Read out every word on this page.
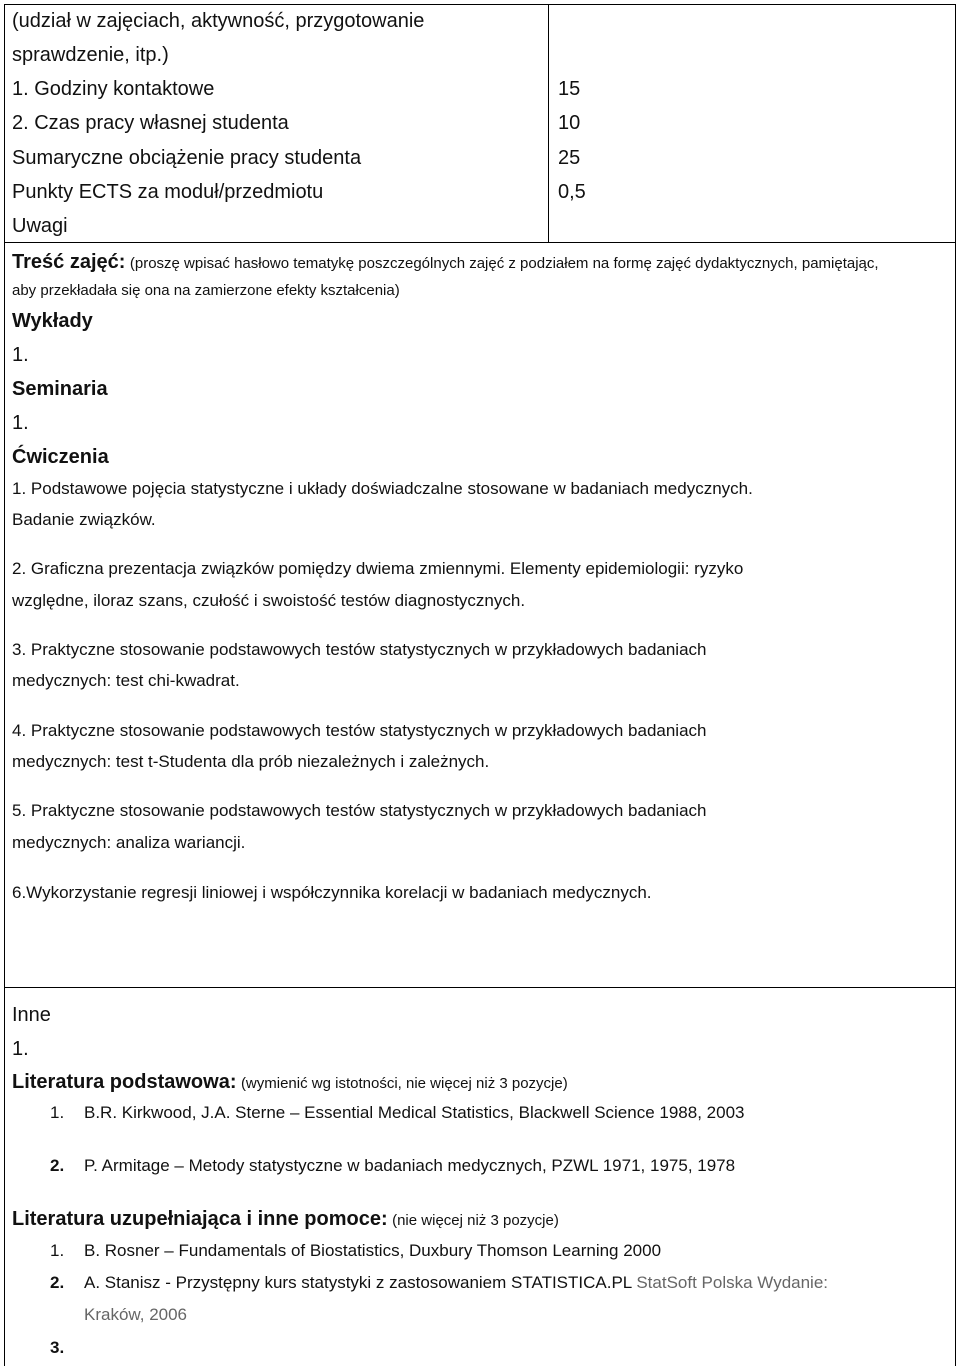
(udział w zajęciach, aktywność, przygotowanie
sprawdzenie, itp.)
1. Godziny kontaktowe	15
2. Czas pracy własnej studenta	10
Sumaryczne obciążenie pracy studenta	25
Punkty ECTS za moduł/przedmiotu	0,5
Uwagi
Treść zajęć: (proszę wpisać hasłowo tematykę poszczególnych zajęć z podziałem na formę zajęć dydaktycznych, pamiętając,
aby przekładała się ona na zamierzone efekty kształcenia)
Wykłady
1.
Seminaria
1.
Ćwiczenia
1. Podstawowe pojęcia statystyczne i układy doświadczalne stosowane w badaniach medycznych.
Badanie związków.
2. Graficzna prezentacja związków pomiędzy dwiema zmiennymi. Elementy epidemiologii: ryzyko
względne, iloraz szans, czułość i swoistość testów diagnostycznych.
3. Praktyczne stosowanie podstawowych testów statystycznych w przykładowych badaniach
medycznych: test chi-kwadrat.
4. Praktyczne stosowanie podstawowych testów statystycznych w przykładowych badaniach
medycznych: test t-Studenta dla prób niezależnych i zależnych.
5. Praktyczne stosowanie podstawowych testów statystycznych w przykładowych badaniach
medycznych: analiza wariancji.
6.Wykorzystanie regresji liniowej i współczynnika korelacji w badaniach medycznych.
Inne
1.
Literatura podstawowa: (wymienić wg istotności, nie więcej niż 3 pozycje)
1. B.R. Kirkwood, J.A. Sterne – Essential Medical Statistics, Blackwell Science 1988, 2003
2. P. Armitage – Metody statystyczne w badaniach medycznych, PZWL 1971, 1975, 1978
Literatura uzupełniająca i inne pomoce: (nie więcej niż 3 pozycje)
1. B. Rosner – Fundamentals of Biostatistics, Duxbury Thomson Learning 2000
2. A. Stanisz - Przystępny kurs statystyki z zastosowaniem STATISTICA.PL StatSoft Polska Wydanie:
Kraków, 2006
3.
